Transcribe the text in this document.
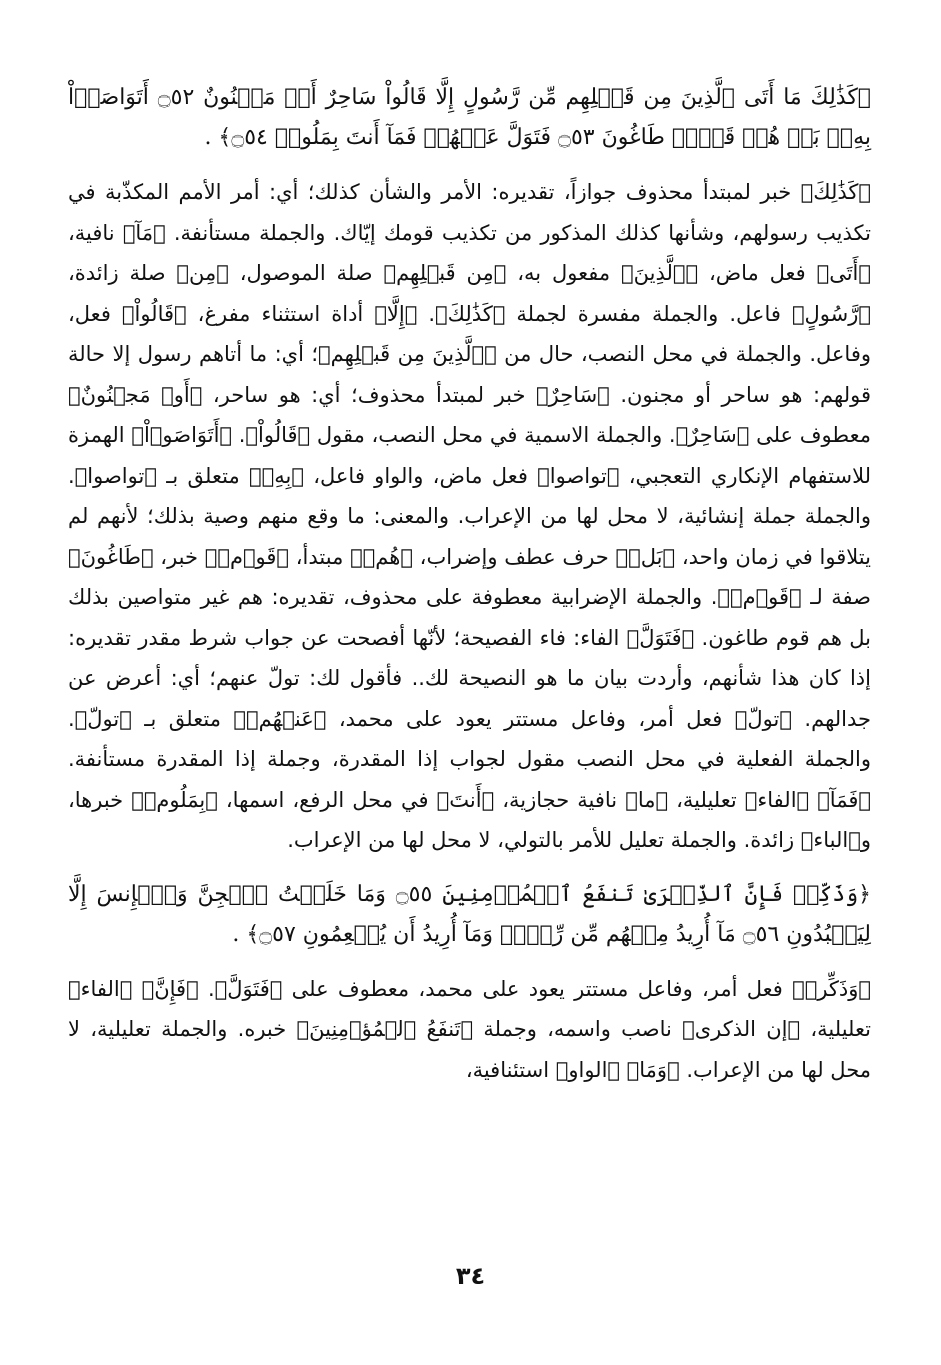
﴿كَذَٰلِكَ مَا أَتَى ٱلَّذِينَ مِن قَبۡلِهِم مِّن رَّسُولٍ إِلَّا قَالُواْ سَاحِرٌ أَوۡ مَجۡنُونٌ ۝٥٢ أَتَوَاصَوۡاْ بِهِۦۚ بَلۡ هُمۡ قَوۡمٞ طَاغُونَ ۝٥٣ فَتَوَلَّ عَنۡهُمۡ فَمَآ أَنتَ بِمَلُومٖ ۝٥٤﴾ .

﴿كَذَٰلِكَ﴾ خبر لمبتدأ محذوف جوازاً، تقديره: الأمر والشأن كذلك؛ أي: أمر الأمم المكذّبة في تكذيب رسولهم، وشأنها كذلك المذكور من تكذيب قومك إيّاك. والجملة مستأنفة. ﴿مَآ﴾ نافية، ﴿أَتَى﴾ فعل ماض، ﴿ٱلَّذِينَ﴾ مفعول به، ﴿مِن قَبۡلِهِم﴾ صلة الموصول، ﴿مِن﴾ صلة زائدة، ﴿رَّسُولٍ﴾ فاعل. والجملة مفسرة لجملة ﴿كَذَٰلِكَ﴾. ﴿إِلَّا﴾ أداة استثناء مفرغ، ﴿قَالُواْ﴾ فعل، وفاعل. والجملة في محل النصب، حال من ﴿ٱلَّذِينَ مِن قَبۡلِهِم﴾؛ أي: ما أتاهم رسول إلا حالة قولهم: هو ساحر أو مجنون. ﴿سَاحِرٌ﴾ خبر لمبتدأ محذوف؛ أي: هو ساحر، ﴿أَوۡ مَجۡنُونٌ﴾ معطوف على ﴿سَاحِرٌ﴾. والجملة الاسمية في محل النصب، مقول ﴿قَالُواْ﴾. ﴿أَتَوَاصَوۡاْ﴾ الهمزة للاستفهام الإنكاري التعجبي، ﴿تواصوا﴾ فعل ماض، والواو فاعل، ﴿بِهِۦ﴾ متعلق بـ ﴿تواصوا﴾. والجملة جملة إنشائية، لا محل لها من الإعراب. والمعنى: ما وقع منهم وصية بذلك؛ لأنهم لم يتلاقوا في زمان واحد، ﴿بَلۡ﴾ حرف عطف وإضراب، ﴿هُمۡ﴾ مبتدأ، ﴿قَوۡمٞ﴾ خبر، ﴿طَاغُونَ﴾ صفة لـ ﴿قَوۡمٞ﴾. والجملة الإضرابية معطوفة على محذوف، تقديره: هم غير متواصين بذلك بل هم قوم طاغون. ﴿فَتَوَلَّ﴾ الفاء: فاء الفصيحة؛ لأنّها أفصحت عن جواب شرط مقدر تقديره: إذا كان هذا شأنهم، وأردت بيان ما هو النصيحة لك.. فأقول لك: تولّ عنهم؛ أي: أعرض عن جدالهم. ﴿تولّ﴾ فعل أمر، وفاعل مستتر يعود على محمد، ﴿عَنۡهُمۡ﴾ متعلق بـ ﴿تولّ﴾. والجملة الفعلية في محل النصب مقول لجواب إذا المقدرة، وجملة إذا المقدرة مستأنفة. ﴿فَمَآ﴾ ﴿الفاء﴾ تعليلية، ﴿ما﴾ نافية حجازية، ﴿أَنتَ﴾ في محل الرفع، اسمها، ﴿بِمَلُومٖ﴾ خبرها، و﴿الباء﴾ زائدة. والجملة تعليل للأمر بالتولي، لا محل لها من الإعراب.

﴿وَذَكِّرۡ فَإِنَّ ٱلذِّكۡرَىٰ تَنفَعُ ٱلۡمُؤۡمِنِينَ ۝٥٥ وَمَا خَلَقۡتُ ٱلۡجِنَّ وَٱلۡإِنسَ إِلَّا لِيَعۡبُدُونِ ۝٥٦ مَآ أُرِيدُ مِنۡهُم مِّن رِّزۡقٖ وَمَآ أُرِيدُ أَن يُطۡعِمُونِ ۝٥٧﴾ .

﴿وَذَكِّرۡ﴾ فعل أمر، وفاعل مستتر يعود على محمد، معطوف على ﴿فَتَوَلَّ﴾. ﴿فَإِنَّ﴾ ﴿الفاء﴾ تعليلية، ﴿إن الذكرى﴾ ناصب واسمه، وجملة ﴿تَنفَعُ ٱلۡمُؤۡمِنِينَ﴾ خبره. والجملة تعليلية، لا محل لها من الإعراب. ﴿وَمَا﴾ ﴿الواو﴾ استئنافية،

٣٤
